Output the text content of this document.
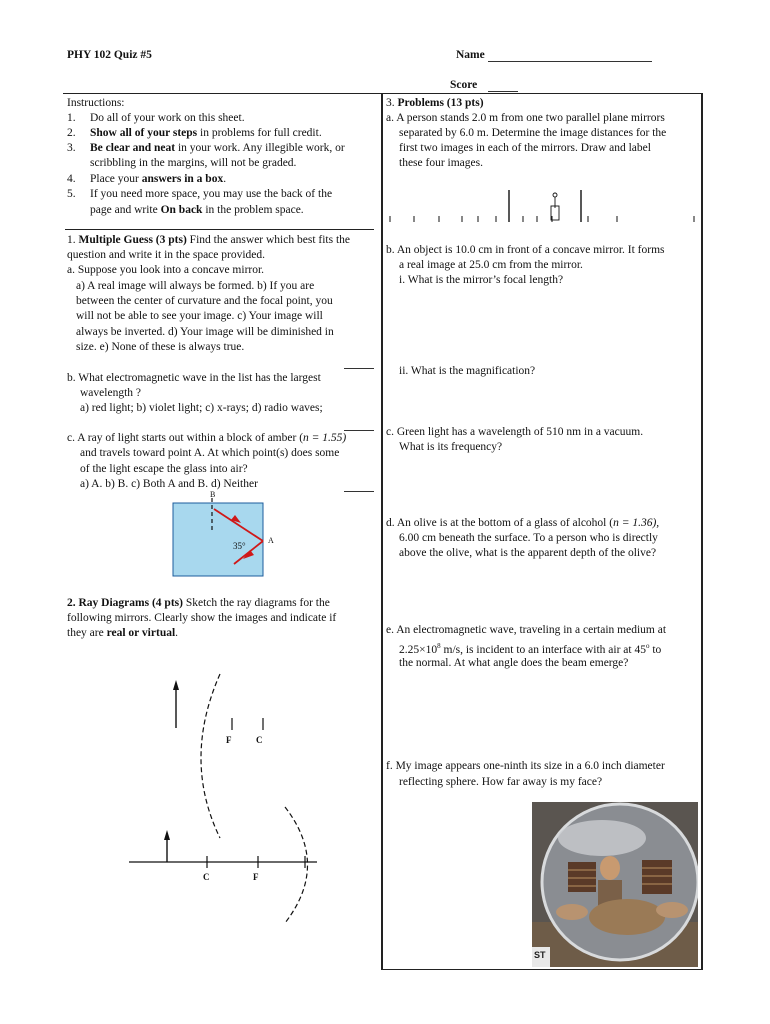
PHY 102 Quiz #5	Name
Score
Instructions:
1. Do all of your work on this sheet.
2. Show all of your steps in problems for full credit.
3. Be clear and neat in your work. Any illegible work, or
scribbling in the margins, will not be graded.
4. Place your answers in a box.
5. If you need more space, you may use the back of the
page and write On back in the problem space.
1. Multiple Guess (3 pts) Find the answer which best fits the
question and write it in the space provided.
a. Suppose you look into a concave mirror.
a) A real image will always be formed. b) If you are
between the center of curvature and the focal point, you
will not be able to see your image. c) Your image will
always be inverted. d) Your image will be diminished in
size. e) None of these is always true.
b. What electromagnetic wave in the list has the largest
wavelength ?
a) red light; b) violet light; c) x-rays; d) radio waves;
c. A ray of light starts out within a block of amber (n = 1.55)
and travels toward point A. At which point(s) does some
of the light escape the glass into air?
a) A. b) B. c) Both A and B. d) Neither
B
A
35°
2. Ray Diagrams (4 pts) Sketch the ray diagrams for the
following mirrors. Clearly show the images and indicate if
they are real or virtual.
F	C
C	F
3. Problems (13 pts)
a. A person stands 2.0 m from one two parallel plane mirrors
separated by 6.0 m. Determine the image distances for the
first two images in each of the mirrors. Draw and label
these four images.
b. An object is 10.0 cm in front of a concave mirror. It forms
a real image at 25.0 cm from the mirror.
i. What is the mirror’s focal length?
ii. What is the magnification?
c. Green light has a wavelength of 510 nm in a vacuum.
What is its frequency?
d. An olive is at the bottom of a glass of alcohol (n = 1.36),
6.00 cm beneath the surface. To a person who is directly
above the olive, what is the apparent depth of the olive?
e. An electromagnetic wave, traveling in a certain medium at
$2.25\times 10^8$ m/s, is incident to an interface with air at 45$^o$ to
the normal. At what angle does the beam emerge?
f. My image appears one-ninth its size in a 6.0 inch diameter
reflecting sphere. How far away is my face?
ST
